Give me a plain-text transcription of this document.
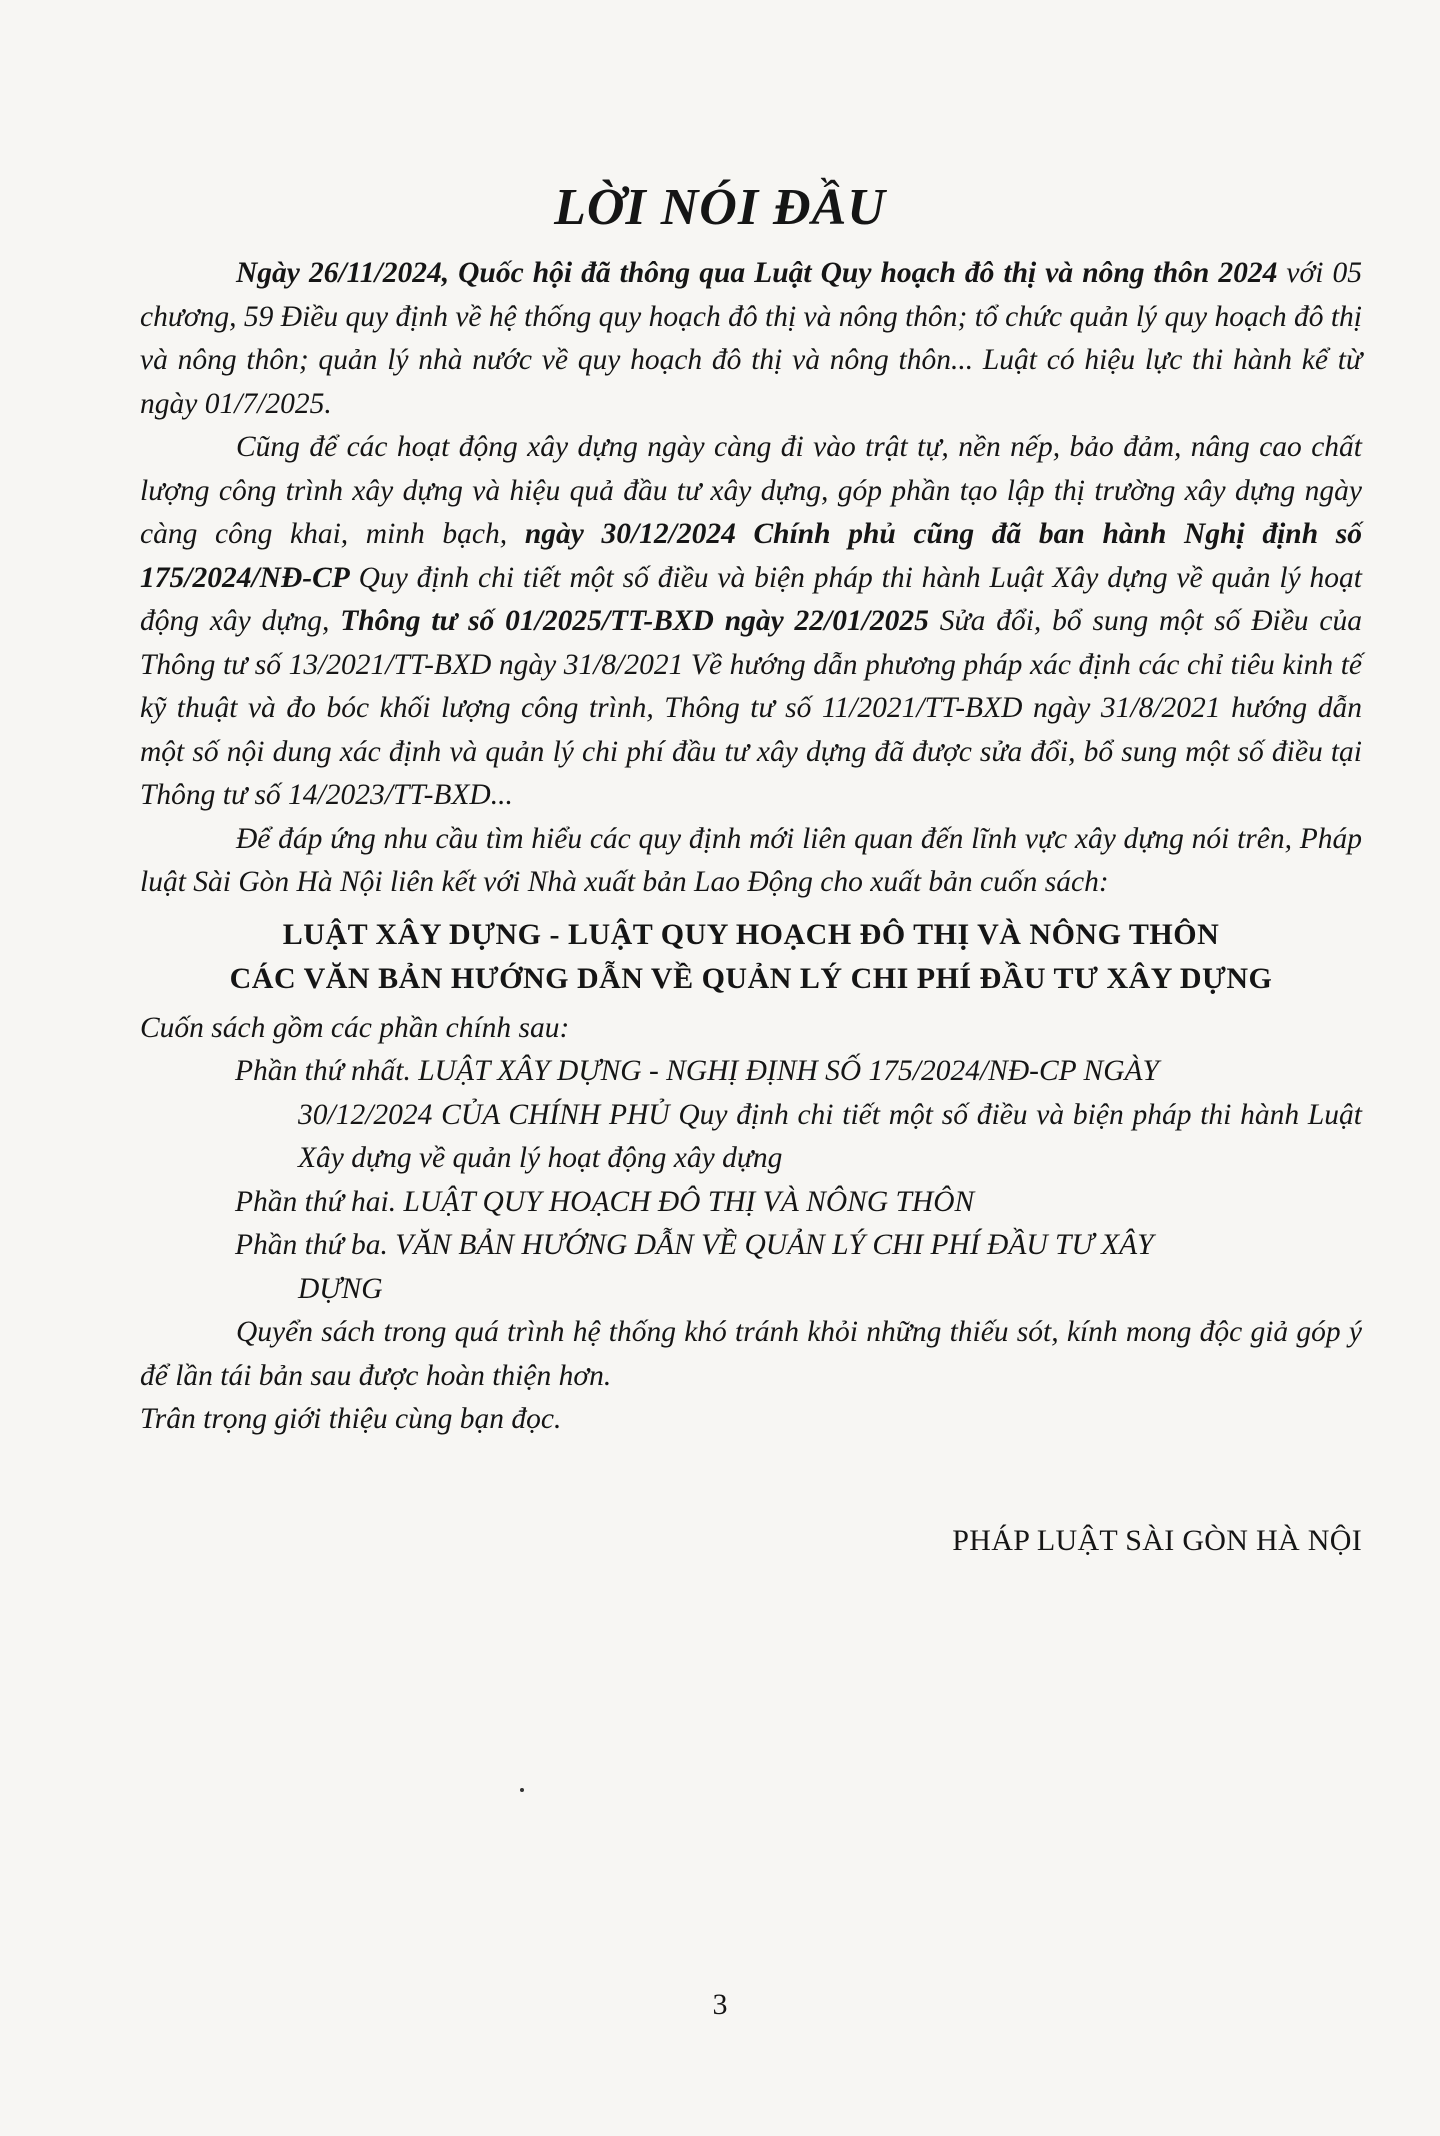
LỜI NÓI ĐẦU

Ngày 26/11/2024, Quốc hội đã thông qua Luật Quy hoạch đô thị và nông thôn 2024 với 05 chương, 59 Điều quy định về hệ thống quy hoạch đô thị và nông thôn; tổ chức quản lý quy hoạch đô thị và nông thôn; quản lý nhà nước về quy hoạch đô thị và nông thôn... Luật có hiệu lực thi hành kể từ ngày 01/7/2025.

Cũng để các hoạt động xây dựng ngày càng đi vào trật tự, nền nếp, bảo đảm, nâng cao chất lượng công trình xây dựng và hiệu quả đầu tư xây dựng, góp phần tạo lập thị trường xây dựng ngày càng công khai, minh bạch, ngày 30/12/2024 Chính phủ cũng đã ban hành Nghị định số 175/2024/NĐ-CP Quy định chi tiết một số điều và biện pháp thi hành Luật Xây dựng về quản lý hoạt động xây dựng, Thông tư số 01/2025/TT-BXD ngày 22/01/2025 Sửa đổi, bổ sung một số Điều của Thông tư số 13/2021/TT-BXD ngày 31/8/2021 Về hướng dẫn phương pháp xác định các chỉ tiêu kinh tế kỹ thuật và đo bóc khối lượng công trình, Thông tư số 11/2021/TT-BXD ngày 31/8/2021 hướng dẫn một số nội dung xác định và quản lý chi phí đầu tư xây dựng đã được sửa đổi, bổ sung một số điều tại Thông tư số 14/2023/TT-BXD...

Để đáp ứng nhu cầu tìm hiểu các quy định mới liên quan đến lĩnh vực xây dựng nói trên, Pháp luật Sài Gòn Hà Nội liên kết với Nhà xuất bản Lao Động cho xuất bản cuốn sách:

LUẬT XÂY DỰNG - LUẬT QUY HOẠCH ĐÔ THỊ VÀ NÔNG THÔN
CÁC VĂN BẢN HƯỚNG DẪN VỀ QUẢN LÝ CHI PHÍ ĐẦU TƯ XÂY DỰNG

Cuốn sách gồm các phần chính sau:

Phần thứ nhất. LUẬT XÂY DỰNG - NGHỊ ĐỊNH SỐ 175/2024/NĐ-CP NGÀY
30/12/2024 CỦA CHÍNH PHỦ Quy định chi tiết một số điều và biện pháp thi hành Luật Xây dựng về quản lý hoạt động xây dựng
Phần thứ hai. LUẬT QUY HOẠCH ĐÔ THỊ VÀ NÔNG THÔN
Phần thứ ba. VĂN BẢN HƯỚNG DẪN VỀ QUẢN LÝ CHI PHÍ ĐẦU TƯ XÂY
DỰNG

Quyển sách trong quá trình hệ thống khó tránh khỏi những thiếu sót, kính mong độc giả góp ý để lần tái bản sau được hoàn thiện hơn.

Trân trọng giới thiệu cùng bạn đọc.

PHÁP LUẬT SÀI GÒN HÀ NỘI
3
